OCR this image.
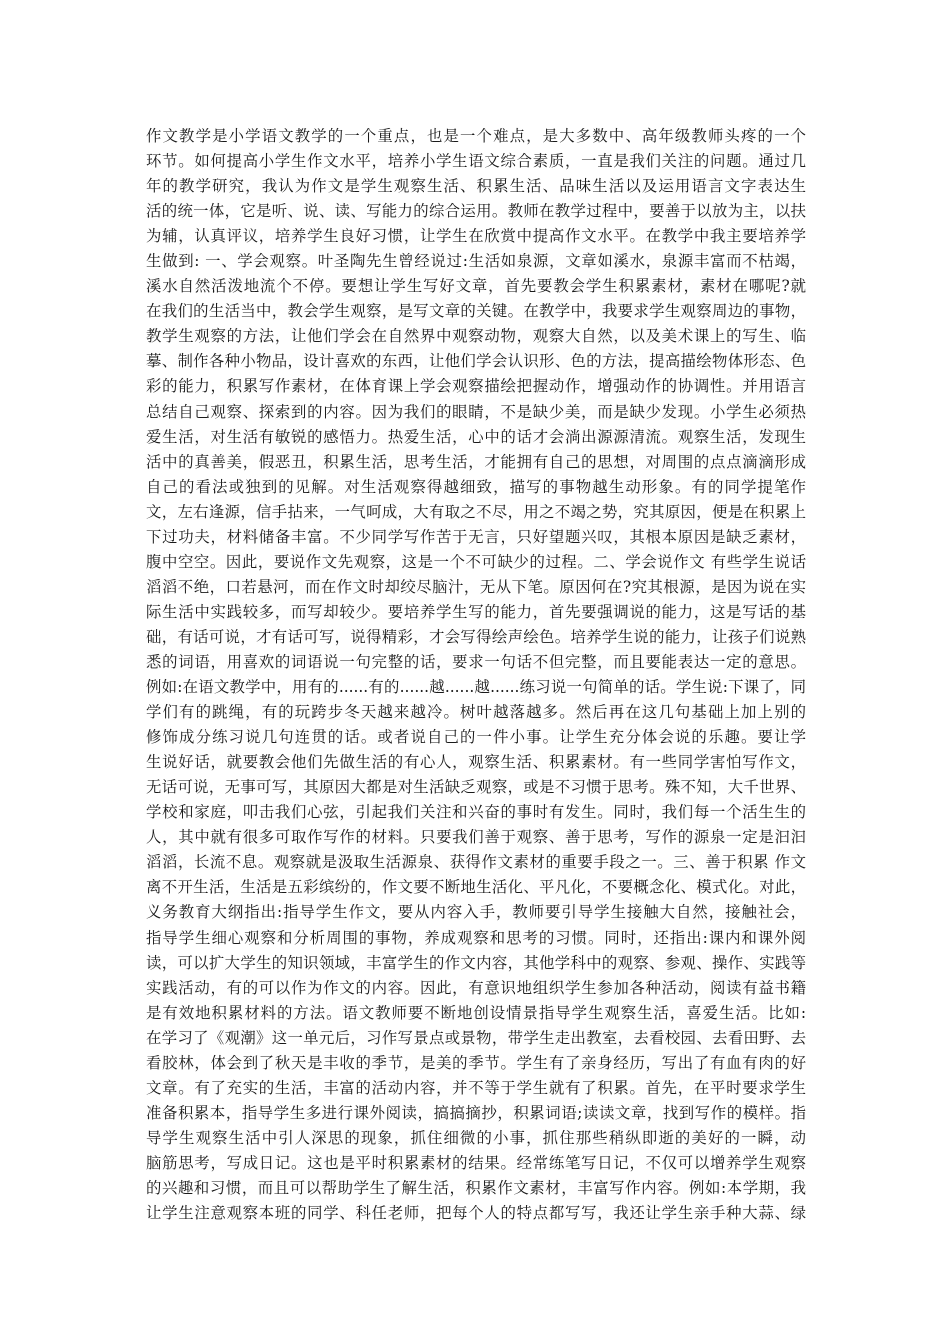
作文教学是小学语文教学的一个重点，也是一个难点，是大多数中、高年级教师头疼的一个
环节。如何提高小学生作文水平，培养小学生语文综合素质，一直是我们关注的问题。通过几
年的教学研究，我认为作文是学生观察生活、积累生活、品味生活以及运用语言文字表达生
活的统一体，它是听、说、读、写能力的综合运用。教师在教学过程中，要善于以放为主，以扶
为辅，认真评议，培养学生良好习惯，让学生在欣赏中提高作文水平。在教学中我主要培养学
生做到: 一、学会观察。叶圣陶先生曾经说过:生活如泉源，文章如溪水，泉源丰富而不枯竭，
溪水自然活泼地流个不停。要想让学生写好文章，首先要教会学生积累素材，素材在哪呢?就
在我们的生活当中，教会学生观察，是写文章的关键。在教学中，我要求学生观察周边的事物，
教学生观察的方法，让他们学会在自然界中观察动物，观察大自然，以及美术课上的写生、临
摹、制作各种小物品，设计喜欢的东西，让他们学会认识形、色的方法，提高描绘物体形态、色
彩的能力，积累写作素材，在体育课上学会观察描绘把握动作，增强动作的协调性。并用语言
总结自己观察、探索到的内容。因为我们的眼睛，不是缺少美，而是缺少发现。小学生必须热
爱生活，对生活有敏锐的感悟力。热爱生活，心中的话才会淌出源源清流。观察生活，发现生
活中的真善美，假恶丑，积累生活，思考生活，才能拥有自己的思想，对周围的点点滴滴形成
自己的看法或独到的见解。对生活观察得越细致，描写的事物越生动形象。有的同学提笔作
文，左右逢源，信手拈来，一气呵成，大有取之不尽，用之不竭之势，究其原因，便是在积累上
下过功夫，材料储备丰富。不少同学写作苦于无言，只好望题兴叹，其根本原因是缺乏素材，
腹中空空。因此，要说作文先观察，这是一个不可缺少的过程。二、学会说作文 有些学生说话
滔滔不绝，口若悬河，而在作文时却绞尽脑汁，无从下笔。原因何在?究其根源，是因为说在实
际生活中实践较多，而写却较少。要培养学生写的能力，首先要强调说的能力，这是写话的基
础，有话可说，才有话可写，说得精彩，才会写得绘声绘色。培养学生说的能力，让孩子们说熟
悉的词语，用喜欢的词语说一句完整的话，要求一句话不但完整，而且要能表达一定的意思。
例如:在语文教学中，用有的......有的......越......越......练习说一句简单的话。学生说:下课了，同
学们有的跳绳，有的玩跨步冬天越来越冷。树叶越落越多。然后再在这几句基础上加上别的
修饰成分练习说几句连贯的话。或者说自己的一件小事。让学生充分体会说的乐趣。要让学
生说好话，就要教会他们先做生活的有心人，观察生活、积累素材。有一些同学害怕写作文，
无话可说，无事可写，其原因大都是对生活缺乏观察，或是不习惯于思考。殊不知，大千世界、
学校和家庭，叩击我们心弦，引起我们关注和兴奋的事时有发生。同时，我们每一个活生生的
人，其中就有很多可取作写作的材料。只要我们善于观察、善于思考，写作的源泉一定是汩汩
滔滔，长流不息。观察就是汲取生活源泉、获得作文素材的重要手段之一。三、善于积累 作文
离不开生活，生活是五彩缤纷的，作文要不断地生活化、平凡化，不要概念化、模式化。对此，
义务教育大纲指出:指导学生作文，要从内容入手，教师要引导学生接触大自然，接触社会，
指导学生细心观察和分析周围的事物，养成观察和思考的习惯。同时，还指出:课内和课外阅
读，可以扩大学生的知识领域，丰富学生的作文内容，其他学科中的观察、参观、操作、实践等
实践活动，有的可以作为作文的内容。因此，有意识地组织学生参加各种活动，阅读有益书籍
是有效地积累材料的方法。语文教师要不断地创设情景指导学生观察生活，喜爱生活。比如:
在学习了《观潮》这一单元后，习作写景点或景物，带学生走出教室，去看校园、去看田野、去
看胶林，体会到了秋天是丰收的季节，是美的季节。学生有了亲身经历，写出了有血有肉的好
文章。有了充实的生活，丰富的活动内容，并不等于学生就有了积累。首先，在平时要求学生
准备积累本，指导学生多进行课外阅读，搞搞摘抄，积累词语;读读文章，找到写作的模样。指
导学生观察生活中引人深思的现象，抓住细微的小事，抓住那些稍纵即逝的美好的一瞬，动
脑筋思考，写成日记。这也是平时积累素材的结果。经常练笔写日记，不仅可以增养学生观察
的兴趣和习惯，而且可以帮助学生了解生活，积累作文素材，丰富写作内容。例如:本学期，我
让学生注意观察本班的同学、科任老师，把每个人的特点都写写，我还让学生亲手种大蒜、绿
